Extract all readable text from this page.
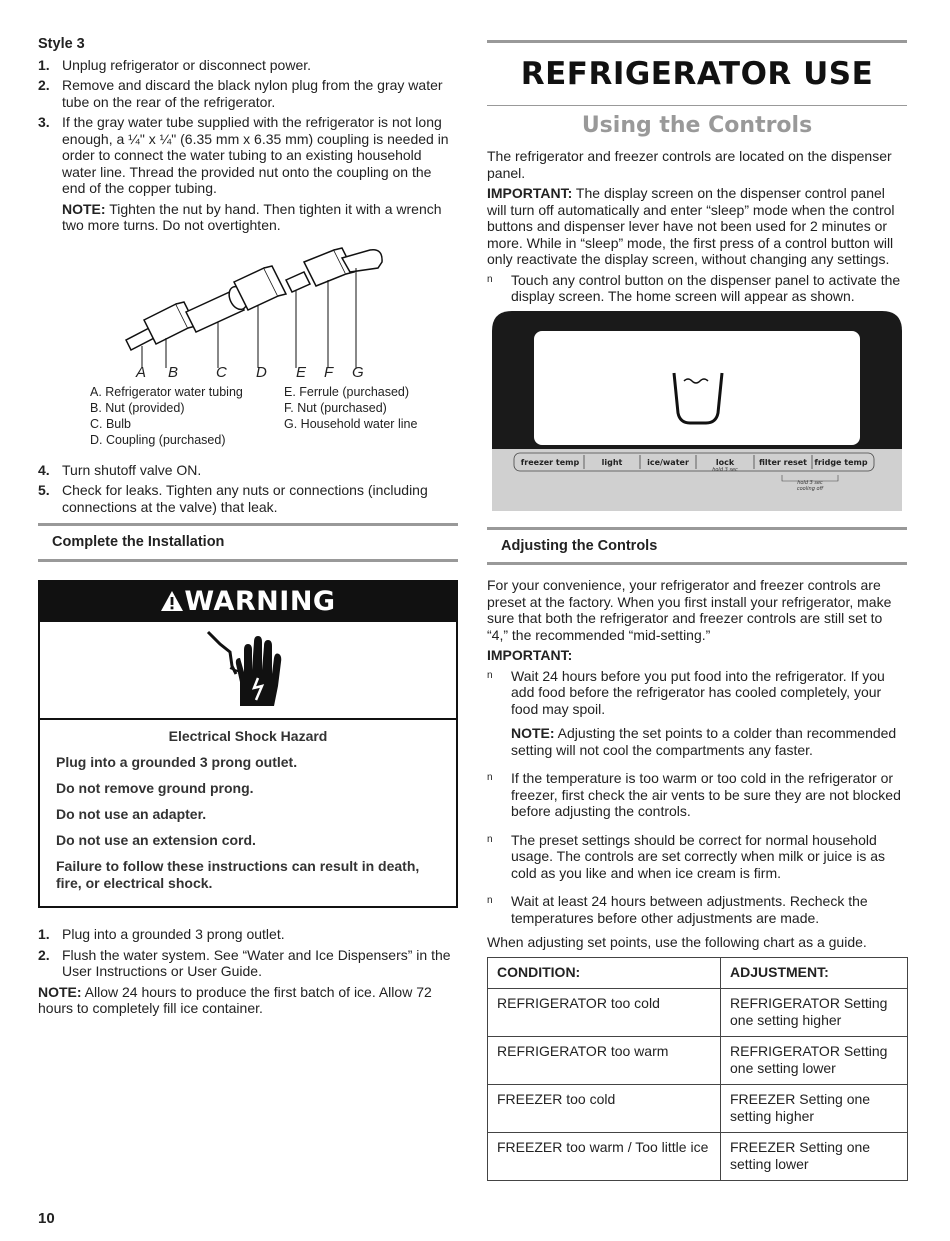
Style 3
1. Unplug refrigerator or disconnect power.
2. Remove and discard the black nylon plug from the gray water tube on the rear of the refrigerator.
3. If the gray water tube supplied with the refrigerator is not long enough, a ¼" x ¼" (6.35 mm x 6.35 mm) coupling is needed in order to connect the water tubing to an existing household water line. Thread the provided nut onto the coupling on the end of the copper tubing.
NOTE: Tighten the nut by hand. Then tighten it with a wrench two more turns. Do not overtighten.
A B	C D E F G
A. Refrigerator water tubing	E. Ferrule (purchased)
B. Nut (provided)	F. Nut (purchased)
C. Bulb	G. Household water line
D. Coupling (purchased)
4. Turn shutoff valve ON.
5. Check for leaks. Tighten any nuts or connections (including connections at the valve) that leak.
Complete the Installation
WARNING
Electrical Shock Hazard

Plug into a grounded 3 prong outlet.

Do not remove ground prong.

Do not use an adapter.

Do not use an extension cord.

Failure to follow these instructions can result in death, fire, or electrical shock.

1. Plug into a grounded 3 prong outlet.
2. Flush the water system. See “Water and Ice Dispensers” in the User Instructions or User Guide.

NOTE: Allow 24 hours to produce the first batch of ice. Allow 72 hours to completely fill ice container.

REFRIGERATOR USE
Using the Controls

The refrigerator and freezer controls are located on the dispenser panel.

IMPORTANT: The display screen on the dispenser control panel will turn off automatically and enter “sleep” mode when the control buttons and dispenser lever have not been used for 2 minutes or more. While in “sleep” mode, the first press of a control button will only reactivate the display screen, without changing any settings.

n Touch any control button on the dispenser panel to activate the display screen. The home screen will appear as shown.
freezer temp	light	ice/water	lock	filter reset fridge temp
hold 3 sec
hold 3 sec
cooling off
Adjusting the Controls

For your convenience, your refrigerator and freezer controls are preset at the factory. When you first install your refrigerator, make sure that both the refrigerator and freezer controls are still set to “4,” the recommended “mid-setting.”

IMPORTANT:

n Wait 24 hours before you put food into the refrigerator. If you add food before the refrigerator has cooled completely, your food may spoil.
NOTE: Adjusting the set points to a colder than recommended setting will not cool the compartments any faster.
n If the temperature is too warm or too cold in the refrigerator or freezer, first check the air vents to be sure they are not blocked before adjusting the controls.
n The preset settings should be correct for normal household usage. The controls are set correctly when milk or juice is as cold as you like and when ice cream is firm.
n Wait at least 24 hours between adjustments. Recheck the temperatures before other adjustments are made.

When adjusting set points, use the following chart as a guide.

CONDITION:	ADJUSTMENT:
REFRIGERATOR too cold	REFRIGERATOR Setting one setting higher
REFRIGERATOR too warm	REFRIGERATOR Setting one setting lower
FREEZER too cold	FREEZER Setting one setting higher
FREEZER too warm / Too little ice	FREEZER Setting one setting lower
10
